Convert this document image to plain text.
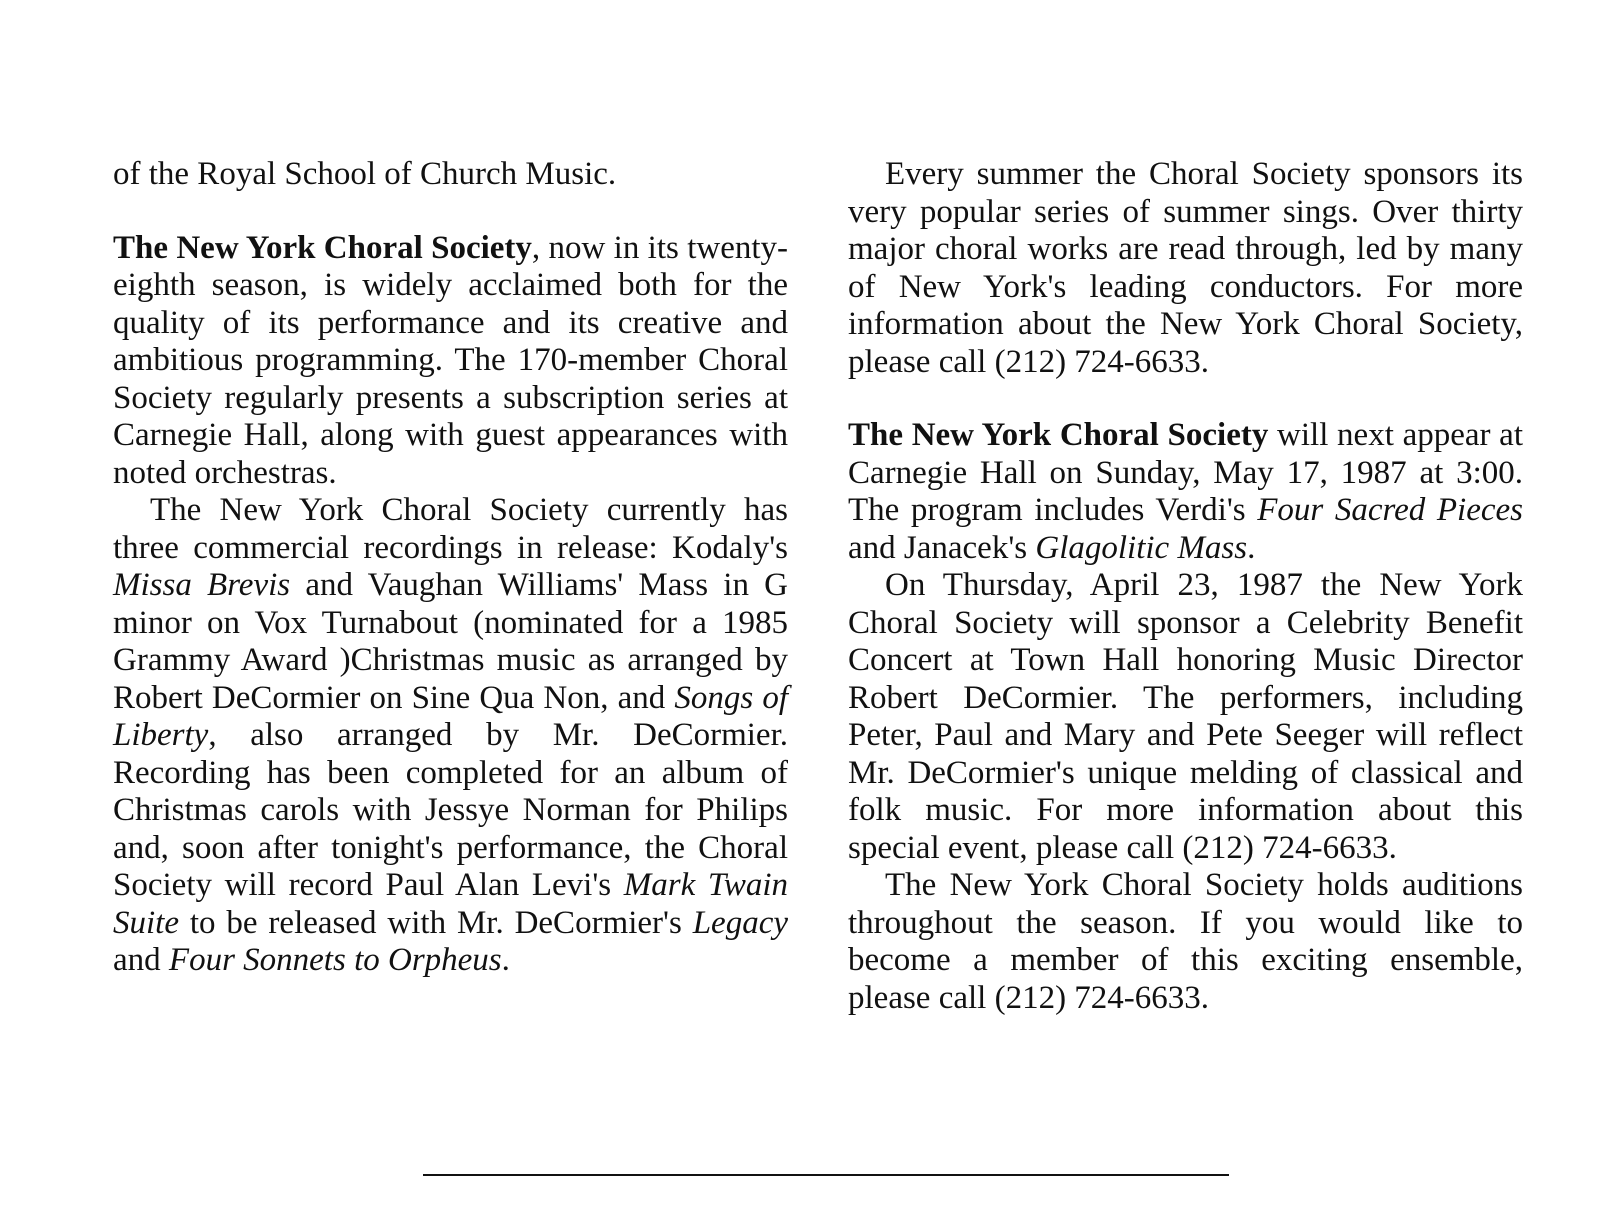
of the Royal School of Church Music.

The New York Choral Society, now in its twenty-eighth season, is widely acclaimed both for the quality of its performance and its creative and ambitious programming. The 170-member Choral Society regularly presents a subscription series at Carnegie Hall, along with guest appearances with noted orchestras.

The New York Choral Society currently has three commercial recordings in release: Kodaly's Missa Brevis and Vaughan Williams' Mass in G minor on Vox Turnabout (nominated for a 1985 Grammy Award )Christmas music as arranged by Robert DeCormier on Sine Qua Non, and Songs of Liberty, also arranged by Mr. DeCormier. Recording has been completed for an album of Christmas carols with Jessye Norman for Philips and, soon after tonight's performance, the Choral Society will record Paul Alan Levi's Mark Twain Suite to be released with Mr. DeCormier's Legacy and Four Sonnets to Orpheus.

Every summer the Choral Society sponsors its very popular series of summer sings. Over thirty major choral works are read through, led by many of New York's leading conductors. For more information about the New York Choral Society, please call (212) 724-6633.

The New York Choral Society will next appear at Carnegie Hall on Sunday, May 17, 1987 at 3:00. The program includes Verdi's Four Sacred Pieces and Janacek's Glagolitic Mass.

On Thursday, April 23, 1987 the New York Choral Society will sponsor a Celebrity Benefit Concert at Town Hall honoring Music Director Robert DeCormier. The performers, including Peter, Paul and Mary and Pete Seeger will reflect Mr. DeCormier's unique melding of classical and folk music. For more information about this special event, please call (212) 724-6633.

The New York Choral Society holds auditions throughout the season. If you would like to become a member of this exciting ensemble, please call (212) 724-6633.
